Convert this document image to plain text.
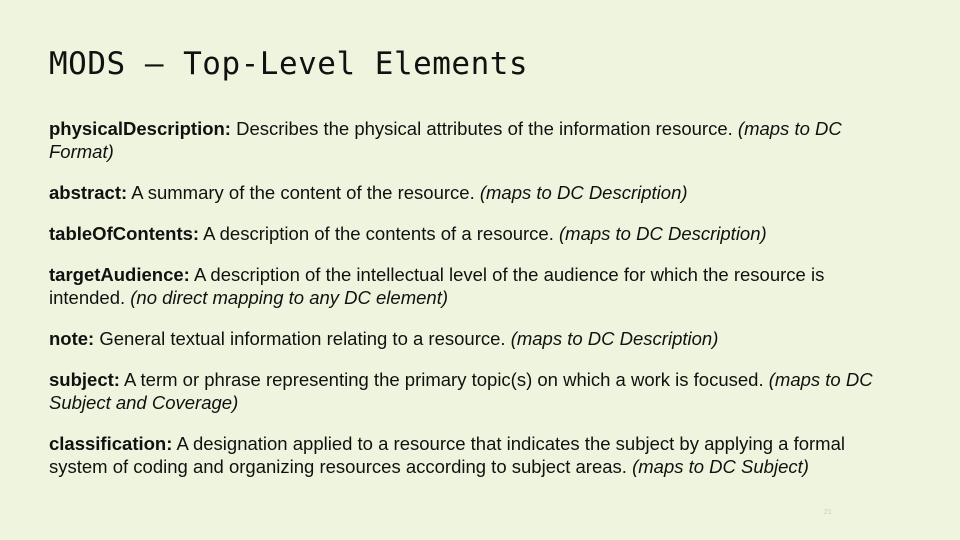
MODS – Top-Level Elements

physicalDescription: Describes the physical attributes of the information resource. (maps to DC Format)

abstract: A summary of the content of the resource. (maps to DC Description)

tableOfContents: A description of the contents of a resource. (maps to DC Description)

targetAudience: A description of the intellectual level of the audience for which the resource is intended. (no direct mapping to any DC element)

note: General textual information relating to a resource. (maps to DC Description)

subject: A term or phrase representing the primary topic(s) on which a work is focused. (maps to DC Subject and Coverage)

classification: A designation applied to a resource that indicates the subject by applying a formal system of coding and organizing resources according to subject areas. (maps to DC Subject)

21
